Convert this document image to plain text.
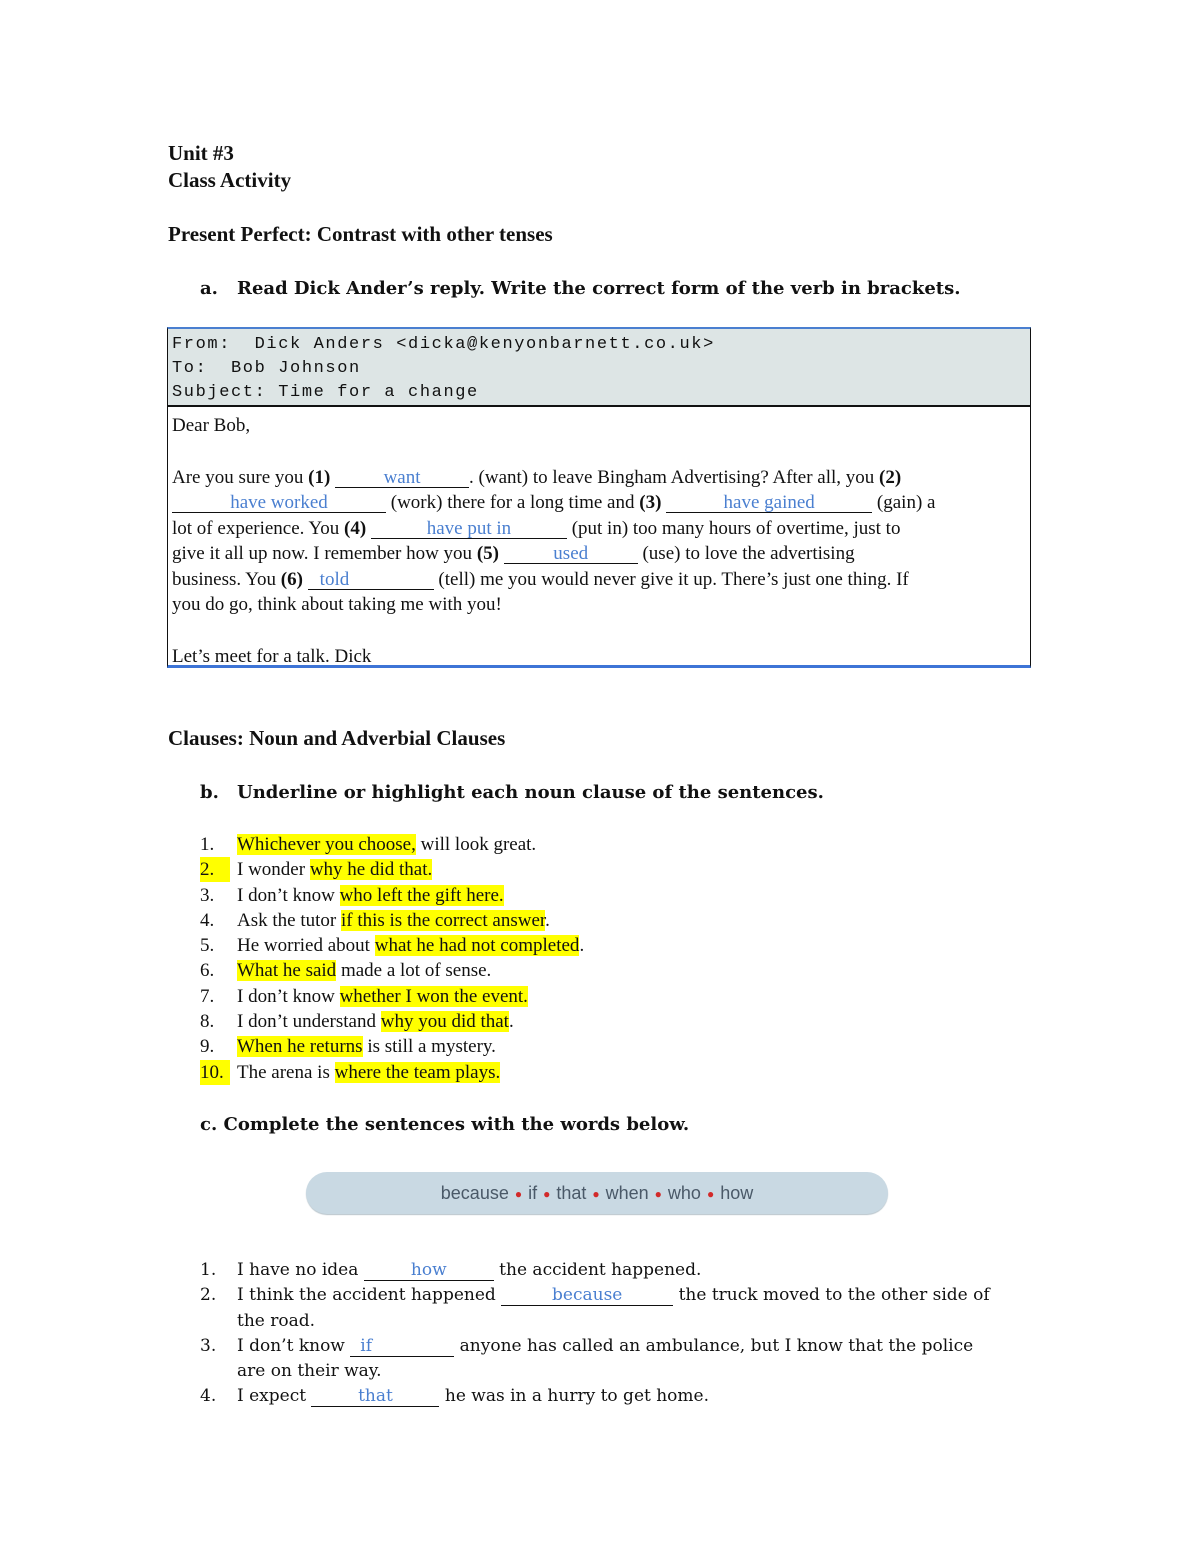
Unit #3
Class Activity
Present Perfect: Contrast with other tenses
a. Read Dick Ander’s reply. Write the correct form of the verb in brackets.
From:  Dick Anders <dicka@kenyonbarnett.co.uk>
To:  Bob Johnson
Subject: Time for a change
Dear Bob,
Are you sure you (1)	want	. (want) to leave Bingham Advertising? After all, you (2)
have worked	(work) there for a long time and (3)	have gained	(gain) a
lot of experience. You (4)	have put in	(put in) too many hours of overtime, just to
give it all up now. I remember how you (5)	used	(use) to love the advertising
business. You (6) told	(tell) me you would never give it up. There’s just one thing. If
you do go, think about taking me with you!
Let’s meet for a talk. Dick
Clauses: Noun and Adverbial Clauses
b. Underline or highlight each noun clause of the sentences.
1.	Whichever you choose, will look great.
2.	I wonder why he did that.
3.	I don’t know who left the gift here.
4.	Ask the tutor if this is the correct answer.
5.	He worried about what he had not completed.
6.	What he said made a lot of sense.
7.	I don’t know whether I won the event.
8.	I don’t understand why you did that.
9.	When he returns is still a mystery.
10. The arena is where the team plays.
c. Complete the sentences with the words below.
because ● if ● that ● when ● who ● how
1.	I have no idea	how	the accident happened.
2.	I think the accident happened	because	the truck moved to the other side of
the road.
3.	I don’t know if	anyone has called an ambulance, but I know that the police
are on their way.
4.	I expect	that	he was in a hurry to get home.
